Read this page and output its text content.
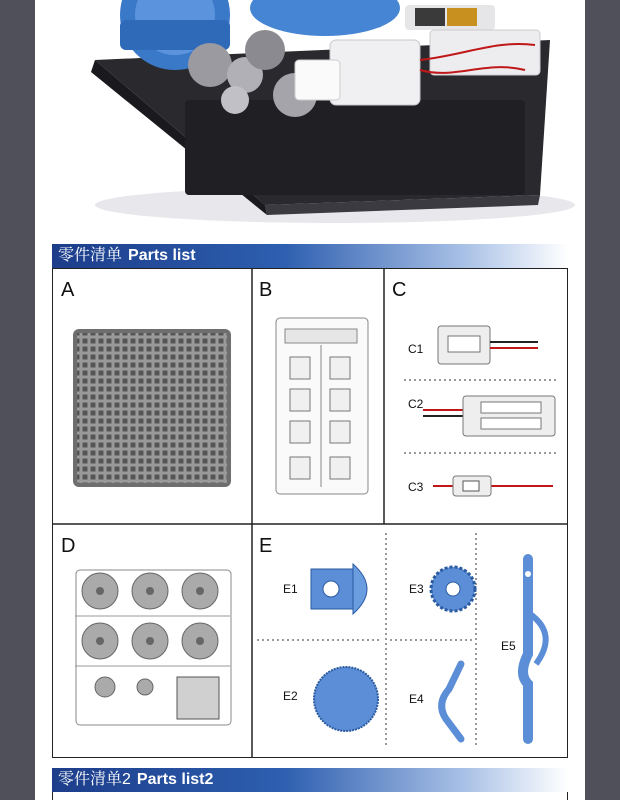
零件清单 Parts list
A	B	C
D	E
C1
C2
C3
E1
E2
E3
E4
E5
零件清单2 Parts list2
